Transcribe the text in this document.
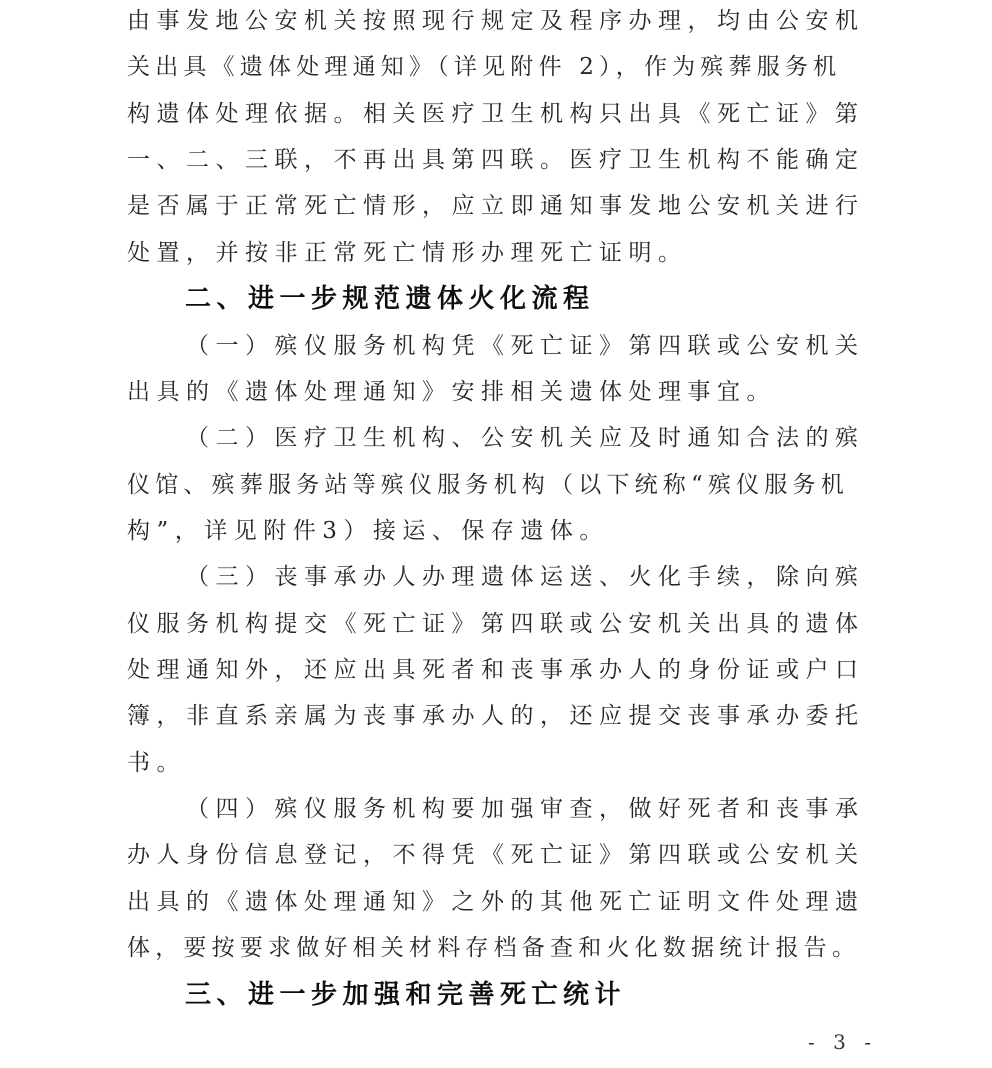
由事发地公安机关按照现行规定及程序办理，均由公安机
关出具《遗体处理通知》（详见附件 2），作为殡葬服务机
构遗体处理依据。相关医疗卫生机构只出具《死亡证》第
一、二、三联，不再出具第四联。医疗卫生机构不能确定
是否属于正常死亡情形，应立即通知事发地公安机关进行
处置，并按非正常死亡情形办理死亡证明。
二、进一步规范遗体火化流程
（一）殡仪服务机构凭《死亡证》第四联或公安机关
出具的《遗体处理通知》安排相关遗体处理事宜。
（二）医疗卫生机构、公安机关应及时通知合法的殡
仪馆、殡葬服务站等殡仪服务机构（以下统称“殡仪服务机
构”，详见附件3）接运、保存遗体。
（三）丧事承办人办理遗体运送、火化手续，除向殡
仪服务机构提交《死亡证》第四联或公安机关出具的遗体
处理通知外，还应出具死者和丧事承办人的身份证或户口
簿，非直系亲属为丧事承办人的，还应提交丧事承办委托
书。
（四）殡仪服务机构要加强审查，做好死者和丧事承
办人身份信息登记，不得凭《死亡证》第四联或公安机关
出具的《遗体处理通知》之外的其他死亡证明文件处理遗
体，要按要求做好相关材料存档备查和火化数据统计报告。
三、进一步加强和完善死亡统计
- 3 -
